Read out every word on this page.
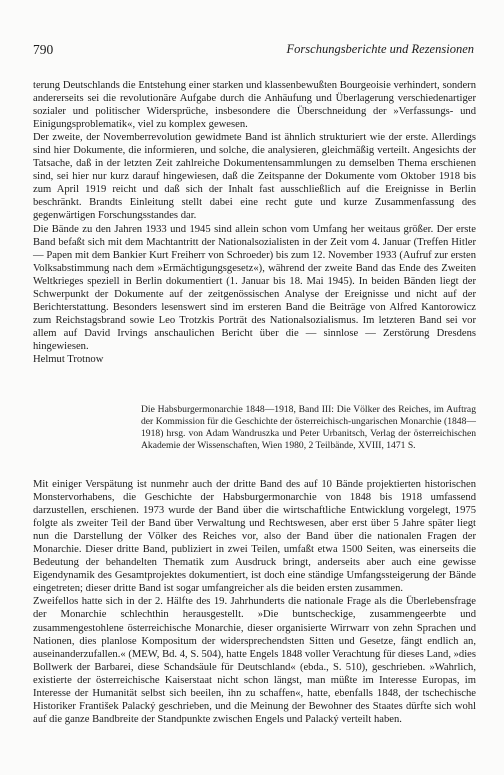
790	Forschungsberichte und Rezensionen

terung Deutschlands die Entstehung einer starken und klassenbewußten Bourgeoisie verhindert, sondern andererseits sei die revolutionäre Aufgabe durch die Anhäufung und Überlagerung verschiedenartiger sozialer und politischer Widersprüche, insbesondere die Überschneidung der »Verfassungs- und Einigungsproblematik«, viel zu komplex gewesen.

Der zweite, der Novemberrevolution gewidmete Band ist ähnlich strukturiert wie der erste. Allerdings sind hier Dokumente, die informieren, und solche, die analysieren, gleichmäßig verteilt. Angesichts der Tatsache, daß in der letzten Zeit zahlreiche Dokumentensammlungen zu demselben Thema erschienen sind, sei hier nur kurz darauf hingewiesen, daß die Zeitspanne der Dokumente vom Oktober 1918 bis zum April 1919 reicht und daß sich der Inhalt fast ausschließlich auf die Ereignisse in Berlin beschränkt. Brandts Einleitung stellt dabei eine recht gute und kurze Zusammenfassung des gegenwärtigen Forschungsstandes dar.

Die Bände zu den Jahren 1933 und 1945 sind allein schon vom Umfang her weitaus größer. Der erste Band befaßt sich mit dem Machtantritt der Nationalsozialisten in der Zeit vom 4. Januar (Treffen Hitler — Papen mit dem Bankier Kurt Freiherr von Schroeder) bis zum 12. November 1933 (Aufruf zur ersten Volksabstimmung nach dem »Ermächtigungsgesetz«), während der zweite Band das Ende des Zweiten Weltkrieges speziell in Berlin dokumentiert (1. Januar bis 18. Mai 1945). In beiden Bänden liegt der Schwerpunkt der Dokumente auf der zeitgenössischen Analyse der Ereignisse und nicht auf der Berichterstattung. Besonders lesenswert sind im ersteren Band die Beiträge von Alfred Kantorowicz zum Reichstagsbrand sowie Leo Trotzkis Porträt des Nationalsozialismus. Im letzteren Band sei vor allem auf David Irvings anschaulichen Bericht über die — sinnlose — Zerstörung Dresdens hingewiesen.

Helmut Trotnow

Die Habsburgermonarchie 1848—1918, Band III: Die Völker des Reiches, im Auftrag der Kommission für die Geschichte der österreichisch-ungarischen Monarchie (1848—1918) hrsg. von Adam Wandruszka und Peter Urbanitsch, Verlag der österreichischen Akademie der Wissenschaften, Wien 1980, 2 Teilbände, XVIII, 1471 S.

Mit einiger Verspätung ist nunmehr auch der dritte Band des auf 10 Bände projektierten historischen Monstervorhabens, die Geschichte der Habsburgermonarchie von 1848 bis 1918 umfassend darzustellen, erschienen. 1973 wurde der Band über die wirtschaftliche Entwicklung vorgelegt, 1975 folgte als zweiter Teil der Band über Verwaltung und Rechtswesen, aber erst über 5 Jahre später liegt nun die Darstellung der Völker des Reiches vor, also der Band über die nationalen Fragen der Monarchie. Dieser dritte Band, publiziert in zwei Teilen, umfaßt etwa 1500 Seiten, was einerseits die Bedeutung der behandelten Thematik zum Ausdruck bringt, anderseits aber auch eine gewisse Eigendynamik des Gesamtprojektes dokumentiert, ist doch eine ständige Umfangssteigerung der Bände eingetreten; dieser dritte Band ist sogar umfangreicher als die beiden ersten zusammen.

Zweifellos hatte sich in der 2. Hälfte des 19. Jahrhunderts die nationale Frage als die Überlebensfrage der Monarchie schlechthin herausgestellt. »Die buntscheckige, zusammengeerbte und zusammengestohlene österreichische Monarchie, dieser organisierte Wirrwarr von zehn Sprachen und Nationen, dies planlose Kompositum der widersprechendsten Sitten und Gesetze, fängt endlich an, auseinanderzufallen.« (MEW, Bd. 4, S. 504), hatte Engels 1848 voller Verachtung für dieses Land, »dies Bollwerk der Barbarei, diese Schandsäule für Deutschland« (ebda., S. 510), geschrieben. »Wahrlich, existierte der österreichische Kaiserstaat nicht schon längst, man müßte im Interesse Europas, im Interesse der Humanität selbst sich beeilen, ihn zu schaffen«, hatte, ebenfalls 1848, der tschechische Historiker František Palacký geschrieben, und die Meinung der Bewohner des Staates dürfte sich wohl auf die ganze Bandbreite der Standpunkte zwischen Engels und Palacký verteilt haben.
